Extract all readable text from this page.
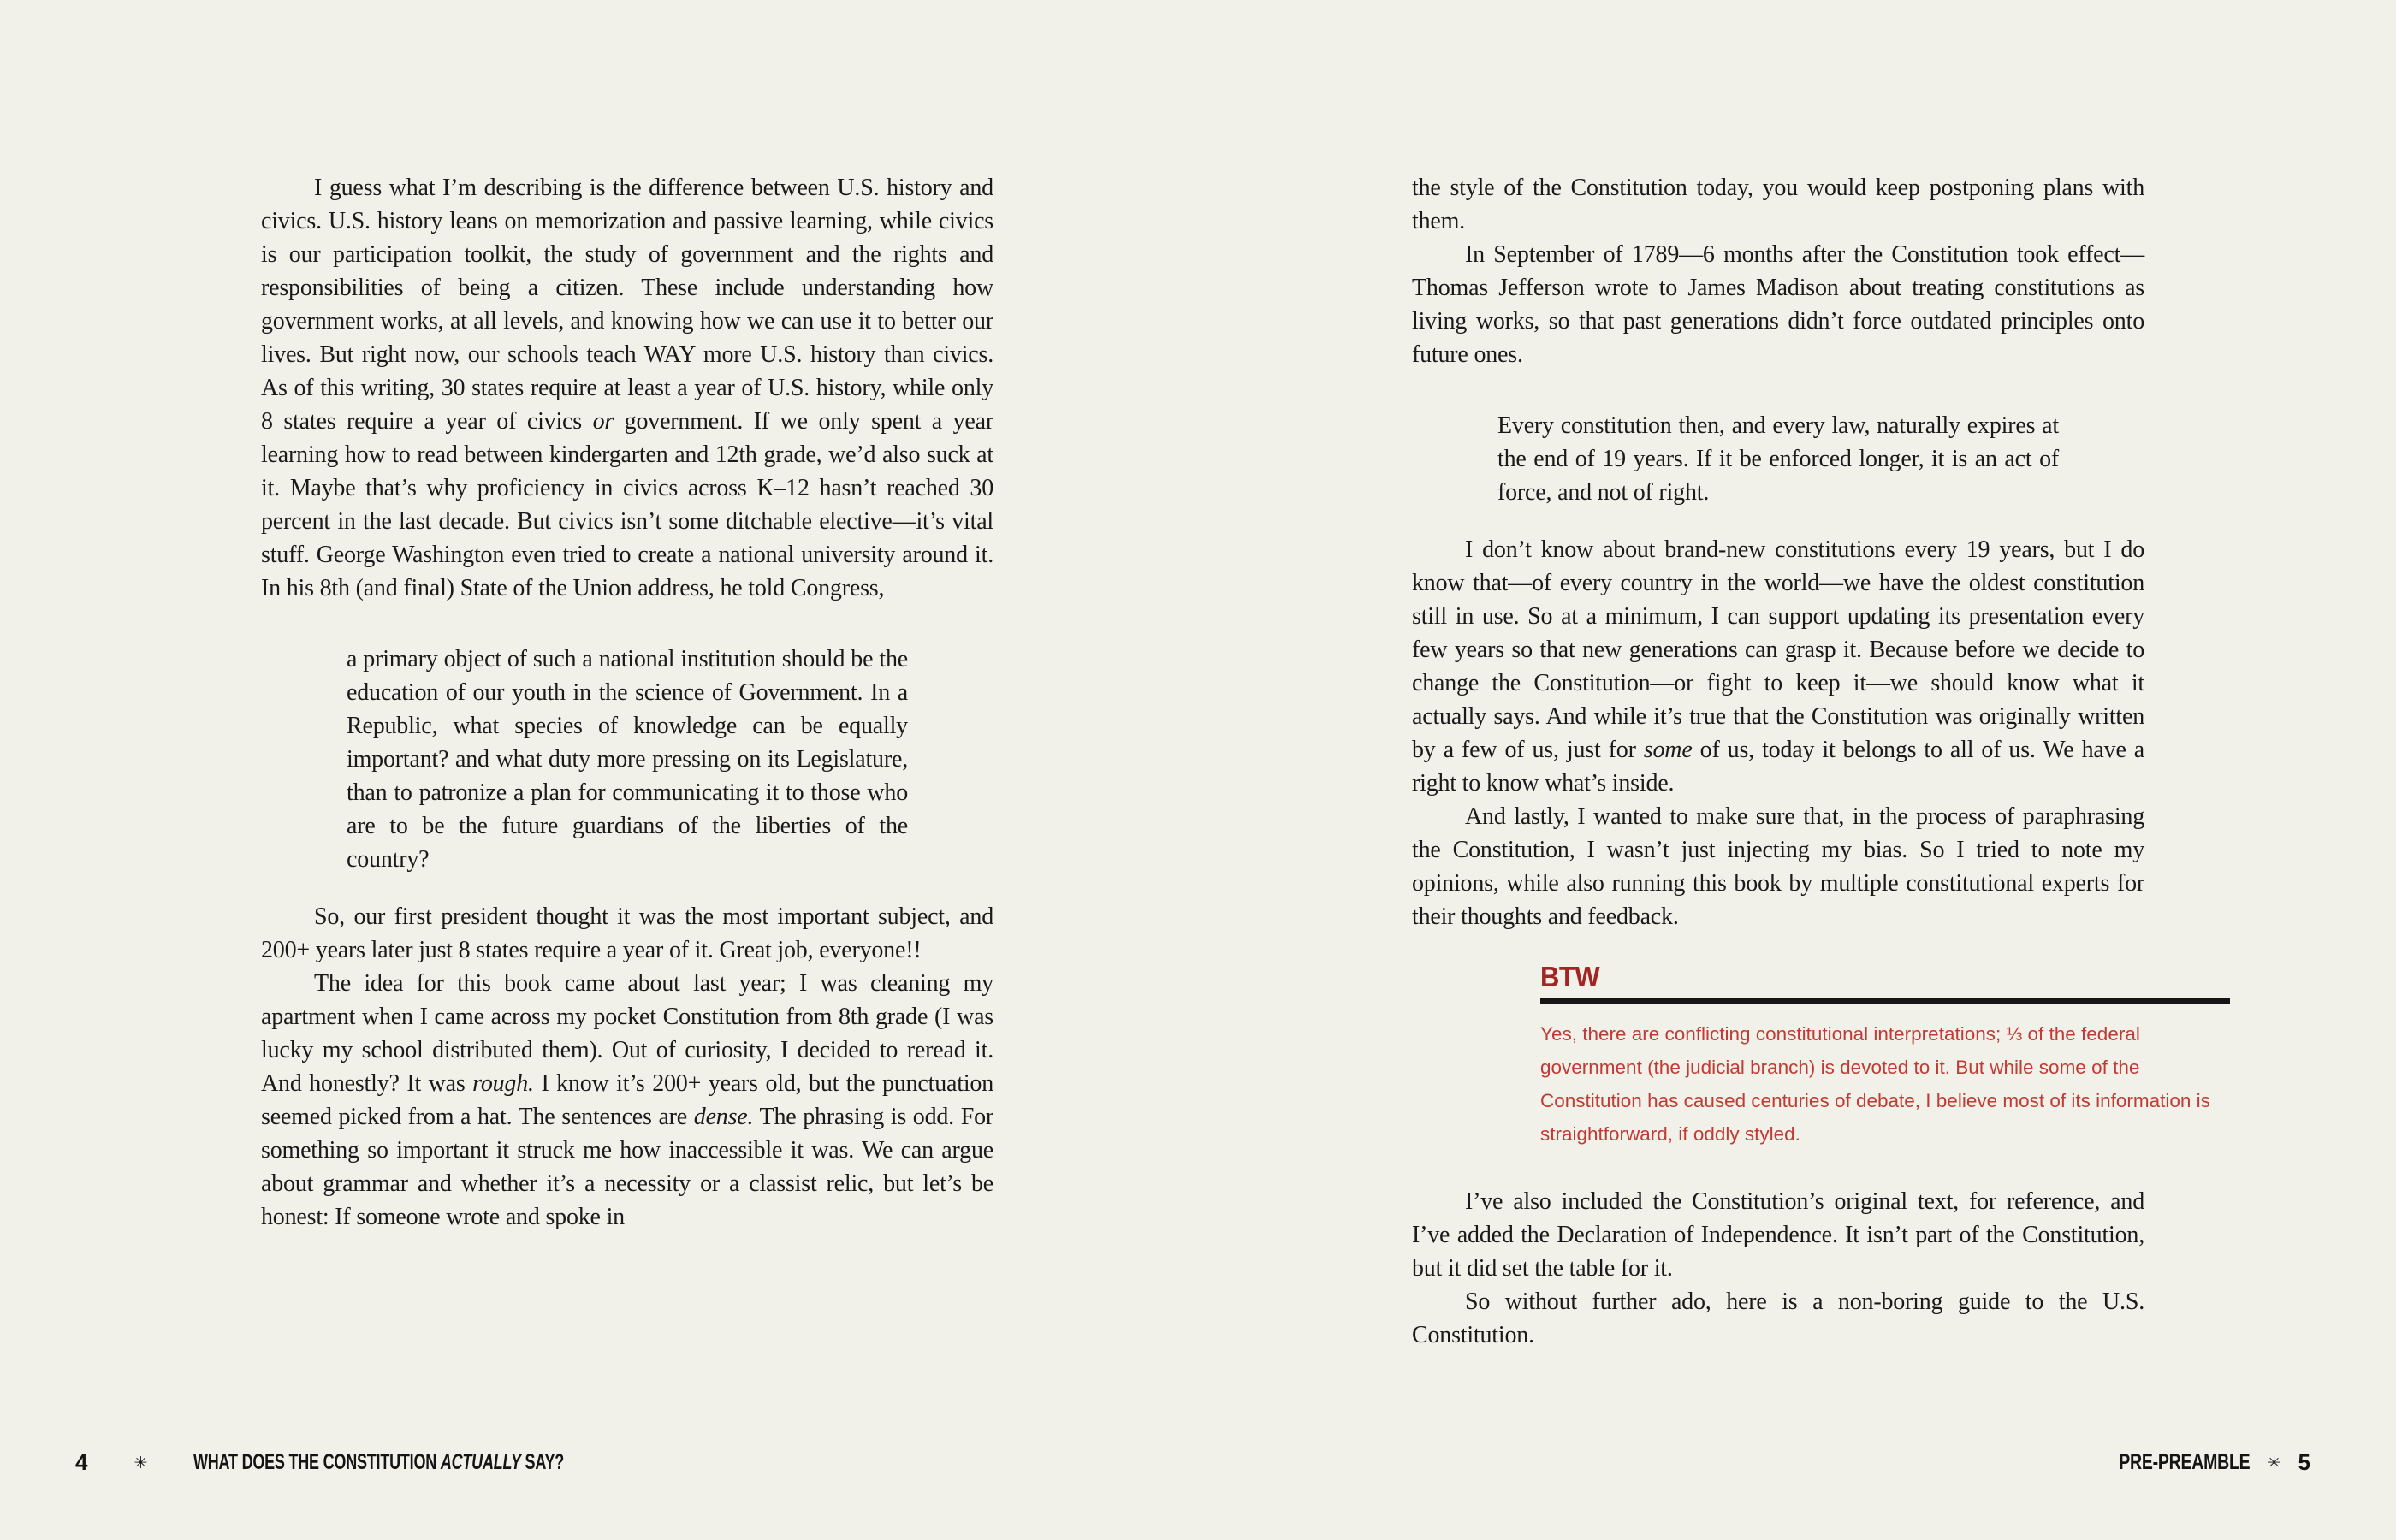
I guess what I’m describing is the difference between U.S. history and civics. U.S. history leans on memorization and passive learning, while civics is our participation toolkit, the study of government and the rights and responsibilities of being a citizen. These include understanding how government works, at all levels, and knowing how we can use it to better our lives. But right now, our schools teach WAY more U.S. history than civics. As of this writing, 30 states require at least a year of U.S. history, while only 8 states require a year of civics or government. If we only spent a year learning how to read between kindergarten and 12th grade, we’d also suck at it. Maybe that’s why proficiency in civics across K–12 hasn’t reached 30 percent in the last decade. But civics isn’t some ditchable elective—it’s vital stuff. George Washington even tried to create a national university around it. In his 8th (and final) State of the Union address, he told Congress,

a primary object of such a national institution should be the education of our youth in the science of Government. In a Republic, what species of knowledge can be equally important? and what duty more pressing on its Legislature, than to patronize a plan for communicating it to those who are to be the future guardians of the liberties of the country?

So, our first president thought it was the most important subject, and 200+ years later just 8 states require a year of it. Great job, everyone!!

The idea for this book came about last year; I was cleaning my apartment when I came across my pocket Constitution from 8th grade (I was lucky my school distributed them). Out of curiosity, I decided to reread it. And honestly? It was rough. I know it’s 200+ years old, but the punctuation seemed picked from a hat. The sentences are dense. The phrasing is odd. For something so important it struck me how inaccessible it was. We can argue about grammar and whether it’s a necessity or a classist relic, but let’s be honest: If someone wrote and spoke in

the style of the Constitution today, you would keep postponing plans with them.

In September of 1789—6 months after the Constitution took effect—Thomas Jefferson wrote to James Madison about treating constitutions as living works, so that past generations didn’t force outdated principles onto future ones.

Every constitution then, and every law, naturally expires at the end of 19 years. If it be enforced longer, it is an act of force, and not of right.

I don’t know about brand-new constitutions every 19 years, but I do know that—of every country in the world—we have the oldest constitution still in use. So at a minimum, I can support updating its presentation every few years so that new generations can grasp it. Because before we decide to change the Constitution—or fight to keep it—we should know what it actually says. And while it’s true that the Constitution was originally written by a few of us, just for some of us, today it belongs to all of us. We have a right to know what’s inside.

And lastly, I wanted to make sure that, in the process of paraphrasing the Constitution, I wasn’t just injecting my bias. So I tried to note my opinions, while also running this book by multiple constitutional experts for their thoughts and feedback.

BTW
Yes, there are conflicting constitutional interpretations; ⅓ of the federal government (the judicial branch) is devoted to it. But while some of the Constitution has caused centuries of debate, I believe most of its information is straightforward, if oddly styled.

I’ve also included the Constitution’s original text, for reference, and I’ve added the Declaration of Independence. It isn’t part of the Constitution, but it did set the table for it.

So without further ado, here is a non-boring guide to the U.S. Constitution.

4	✳ WHAT DOES THE CONSTITUTION ACTUALLY SAY?	PRE-PREAMBLE ✳ 5
